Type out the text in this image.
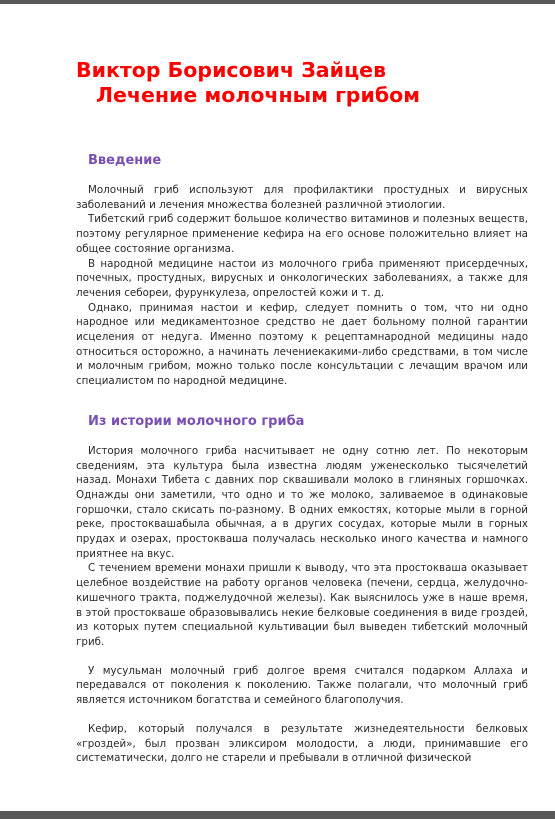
Виктор Борисович Зайцев
Лечение молочным грибом
Введение

Молочный гриб используют для профилактики простудных и вирусных заболеваний и лечения множества болезней различной этиологии.

Тибетский гриб содержит большое количество витаминов и полезных веществ, поэтому регулярное применение кефира на его основе положительно влияет на общее состояние организма.

В народной медицине настои из молочного гриба применяют присердечных, почечных, простудных, вирусных и онкологических заболеваниях, а также для лечения себореи, фурункулеза, опрелостей кожи и т. д.

Однако, принимая настои и кефир, следует помнить о том, что ни одно народное или медикаментозное средство не дает больному полной гарантии исцеления от недуга. Именно поэтому к рецептамнародной медицины надо относиться осторожно, а начинать лечениекакими-либо средствами, в том числе и молочным грибом, можно только после консультации с лечащим врачом или специалистом по народной медицине.

Из истории молочного гриба

История молочного гриба насчитывает не одну сотню лет. По некоторым сведениям, эта культура была известна людям уженесколько тысячелетий назад. Монахи Тибета с давних пор сквашивали молоко в глиняных горшочках. Однажды они заметили, что одно и то же молоко, заливаемое в одинаковые горшочки, стало скисать по-разному. В одних емкостях, которые мыли в горной реке, простоквашабыла обычная, а в других сосудах, которые мыли в горных прудах и озерах, простокваша получалась несколько иного качества и намного приятнее на вкус.

С течением времени монахи пришли к выводу, что эта простокваша оказывает целебное воздействие на работу органов человека (печени, сердца, желудочно-кишечного тракта, поджелудочной железы). Как выяснилось уже в наше время, в этой простокваше образовывались некие белковые соединения в виде гроздей, из которых путем специальной культивации был выведен тибетский молочный гриб.

У мусульман молочный гриб долгое время считался подарком Аллаха и передавался от поколения к поколению. Также полагали, что молочный гриб является источником богатства и семейного благополучия.

Кефир, который получался в результате жизнедеятельности белковых «гроздей», был прозван эликсиром молодости, а люди, принимавшие его систематически, долго не старели и пребывали в отличной физической
